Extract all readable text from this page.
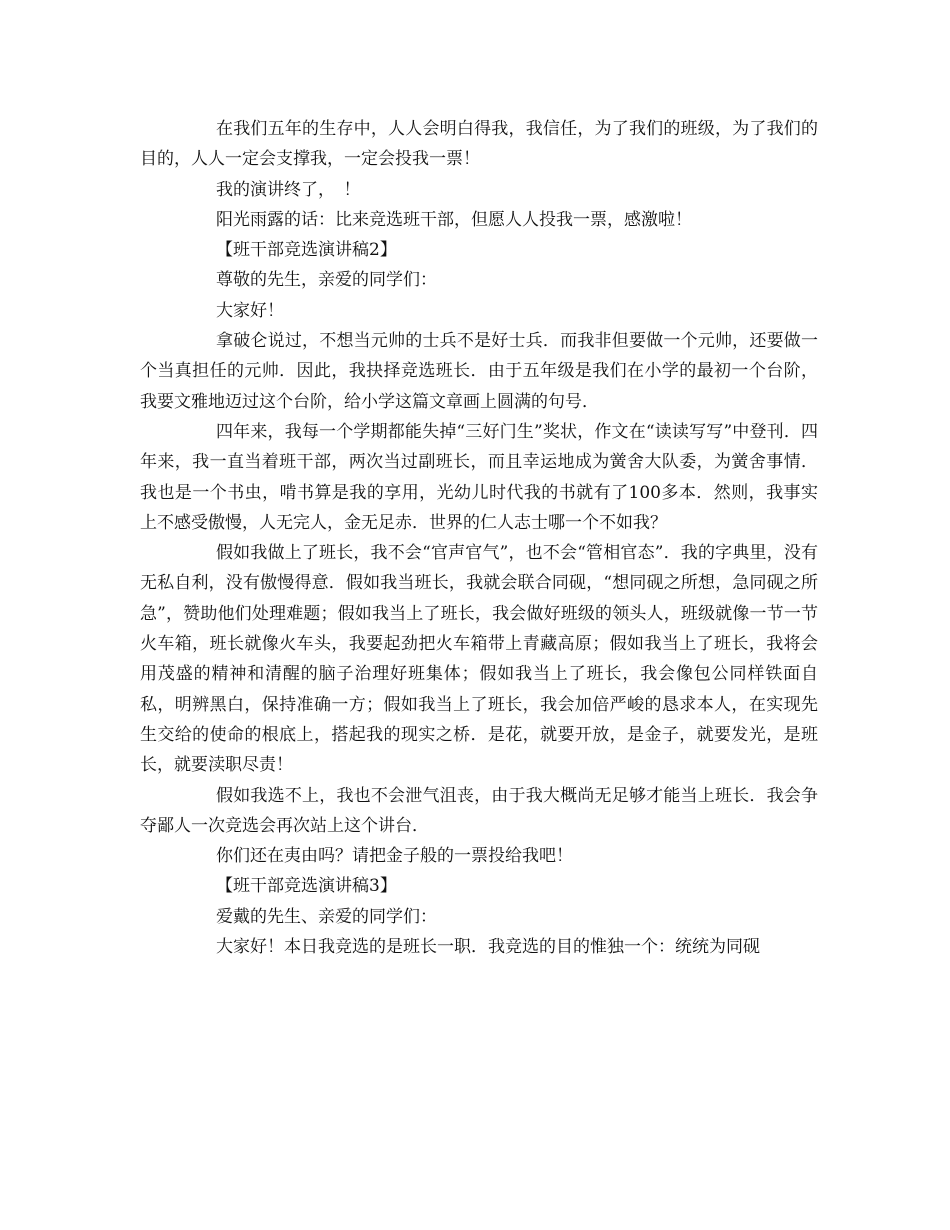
在我们五年的生存中，人人会明白得我，我信任，为了我们的班级，为了我们的目的，人人一定会支撑我，一定会投我一票！

我的演讲终了，　！

阳光雨露的话：比来竞选班干部，但愿人人投我一票，感激啦！

【班干部竞选演讲稿2】

尊敬的先生，亲爱的同学们：

大家好！

拿破仑说过，不想当元帅的士兵不是好士兵．而我非但要做一个元帅，还要做一个当真担任的元帅．因此，我抉择竞选班长．由于五年级是我们在小学的最初一个台阶，我要文雅地迈过这个台阶，给小学这篇文章画上圆满的句号．

四年来，我每一个学期都能失掉“三好门生”奖状，作文在“读读写写”中登刊．四年来，我一直当着班干部，两次当过副班长，而且幸运地成为黉舍大队委，为黉舍事情．我也是一个书虫，啃书算是我的享用，光幼儿时代我的书就有了100多本．然则，我事实上不感受傲慢，人无完人，金无足赤．世界的仁人志士哪一个不如我？

假如我做上了班长，我不会“官声官气”，也不会“管相官态”．我的字典里，没有无私自利，没有傲慢得意．假如我当班长，我就会联合同砚，“想同砚之所想，急同砚之所急”，赞助他们处理难题；假如我当上了班长，我会做好班级的领头人，班级就像一节一节火车箱，班长就像火车头，我要起劲把火车箱带上青藏高原；假如我当上了班长，我将会用茂盛的精神和清醒的脑子治理好班集体；假如我当上了班长，我会像包公同样铁面自私，明辨黑白，保持准确一方；假如我当上了班长，我会加倍严峻的恳求本人，在实现先生交给的使命的根底上，搭起我的现实之桥．是花，就要开放，是金子，就要发光，是班长，就要渎职尽责！

假如我选不上，我也不会泄气沮丧，由于我大概尚无足够才能当上班长．我会争夺鄙人一次竞选会再次站上这个讲台．

你们还在夷由吗？请把金子般的一票投给我吧！

【班干部竞选演讲稿3】

爱戴的先生、亲爱的同学们：

大家好！本日我竞选的是班长一职．我竞选的目的惟独一个：统统为同砚
